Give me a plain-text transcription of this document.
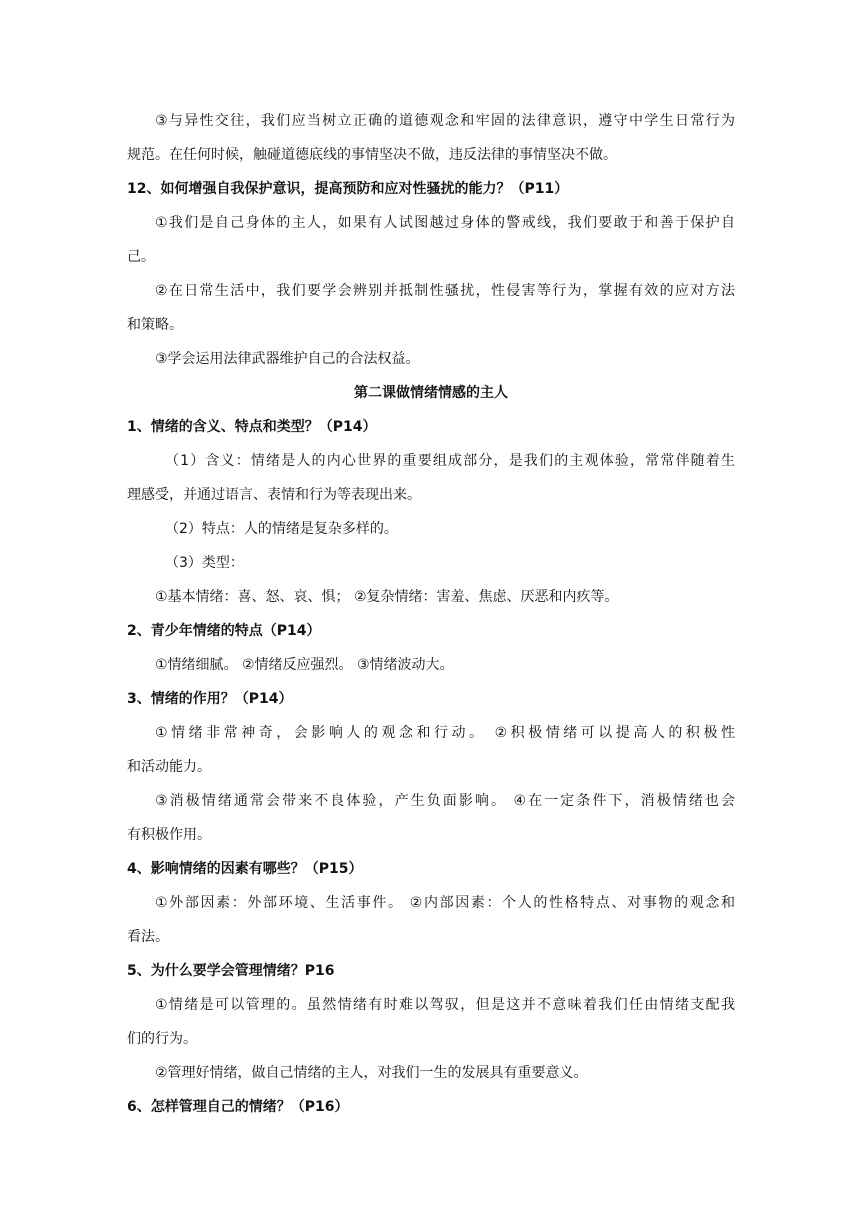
③与异性交往，我们应当树立正确的道德观念和牢固的法律意识，遵守中学生日常行为
规范。在任何时候，触碰道德底线的事情坚决不做，违反法律的事情坚决不做。
12、如何增强自我保护意识，提高预防和应对性骚扰的能力？（P11）
①我们是自己身体的主人，如果有人试图越过身体的警戒线，我们要敢于和善于保护自
己。
②在日常生活中，我们要学会辨别并抵制性骚扰，性侵害等行为，掌握有效的应对方法
和策略。
③学会运用法律武器维护自己的合法权益。
第二课做情绪情感的主人
1、情绪的含义、特点和类型？（P14）
（1）含义：情绪是人的内心世界的重要组成部分，是我们的主观体验，常常伴随着生
理感受，并通过语言、表情和行为等表现出来。
（2）特点：人的情绪是复杂多样的。
（3）类型：
①基本情绪：喜、怒、哀、惧； ②复杂情绪：害羞、焦虑、厌恶和内疚等。
2、青少年情绪的特点（P14）
①情绪细腻。 ②情绪反应强烈。 ③情绪波动大。
3、情绪的作用？（P14）
①情绪非常神奇，会影响人的观念和行动。 ②积极情绪可以提高人的积极性
和活动能力。
③消极情绪通常会带来不良体验，产生负面影响。 ④在一定条件下，消极情绪也会
有积极作用。
4、影响情绪的因素有哪些？（P15）
①外部因素：外部环境、生活事件。 ②内部因素：个人的性格特点、对事物的观念和
看法。
5、为什么要学会管理情绪？P16
①情绪是可以管理的。虽然情绪有时难以驾驭，但是这并不意味着我们任由情绪支配我
们的行为。
②管理好情绪，做自己情绪的主人，对我们一生的发展具有重要意义。
6、怎样管理自己的情绪？（P16）
